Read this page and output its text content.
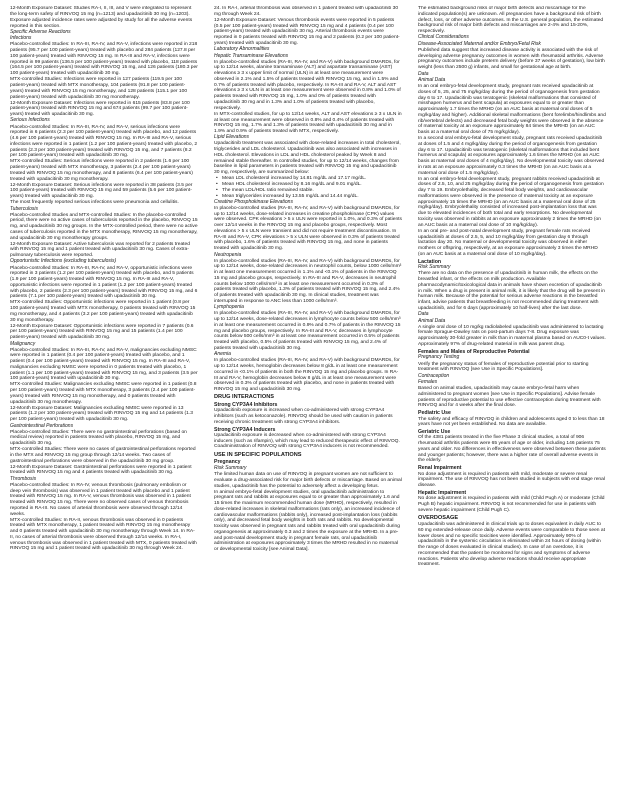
12-Month Exposure Dataset: Studies RA-I, II, III, and V were integrated to represent the long-term safety of RINVOQ 15 mg (n=1213) and upadacitinib 30 mg (n=1203).
Exposure adjusted incidence rates were adjusted by study for all the adverse events reported in this section.
Specific Adverse Reactions
Infections
Placebo-controlled Studies: In RA-III, RA-IV, and RA-V, infections were reported in 218 patients (95.7 per 100 patient-years) treated with placebo and 284 patients (127.8 per 100 patient-years) treated with RINVOQ 15 mg. In RA-III and RA-V, infections were reported in 99 patients (136.5 per 100 patient-years) treated with placebo, 118 patients (164.5 per 100 patient-years) treated with RINVOQ 15 mg, and 126 patients (180.3 per 100 patient-years) treated with upadacitinib 30 mg.
MTX-controlled Studies: Infections were reported in 127 patients (119.5 per 100 patient-years) treated with MTX monotherapy, 104 patients (91.8 per 100 patient-years) treated with RINVOQ 15 mg monotherapy, and 128 patients (115.1 per 100 patient-years) treated with upadacitinib 30 mg monotherapy.
12-Month Exposure Dataset: Infections were reported in 615 patients (83.8 per 100 patient-years) treated with RINVOQ 15 mg and 674 patients (99.7 per 100 patient-years) treated with upadacitinib 30 mg.
Serious Infections
Placebo-controlled Studies: In RA-III, RA-IV, and RA-V, serious infections were reported in 6 patients (2.3 per 100 patient-years) treated with placebo, and 12 patients (4.6 per 100 patient-years) treated with RINVOQ 15 mg. In RA-III and RA-V, serious infections were reported in 1 patient (1.2 per 100 patient-years) treated with placebo, 2 patients (2.3 per 100 patient-years) treated with RINVOQ 15 mg, and 7 patients (8.2 per 100 patient-years) treated with upadacitinib 30 mg.
MTX-controlled Studies: Serious infections were reported in 2 patients (1.6 per 100 patient-years) treated with MTX monotherapy, 3 patients (2.4 per 100 patient-years) treated with RINVOQ 15 mg monotherapy, and 8 patients (6.4 per 100 patient-years) treated with upadacitinib 30 mg monotherapy.
12-Month Exposure Dataset: Serious infections were reported in 38 patients (3.5 per 100 patient-years) treated with RINVOQ 15 mg and 59 patients (5.6 per 100 patient-years) treated with upadacitinib 30 mg.
The most frequently reported serious infections were pneumonia and cellulitis.
Tuberculosis
Placebo-controlled Studies and MTX-controlled Studies: In the placebo-controlled period, there were no active cases of tuberculosis reported in the placebo, RINVOQ 15 mg, and upadacitinib 30 mg groups. In the MTX-controlled period, there were no active cases of tuberculosis reported in the MTX monotherapy, RINVOQ 15 mg monotherapy, and upadacitinib 30 mg monotherapy groups.
12-Month Exposure Dataset: Active tuberculosis was reported for 2 patients treated with RINVOQ 15 mg and 1 patient treated with upadacitinib 30 mg. Cases of extra-pulmonary tuberculosis were reported.
Opportunistic Infections (excluding tuberculosis)
Placebo-controlled Studies: In RA-III, RA-IV, and RA-V, opportunistic infections were reported in 3 patients (1.2 per 100 patient-years) treated with placebo, and 5 patients (1.9 per 100 patient-years) treated with RINVOQ 15 mg. In RA-III and RA-V, opportunistic infections were reported in 1 patient (1.2 per 100 patient-years) treated with placebo, 2 patients (2.3 per 100 patient-years) treated with RINVOQ 15 mg, and 6 patients (7.1 per 100 patient-years) treated with upadacitinib 30 mg.
MTX-controlled Studies: Opportunistic infections were reported in 1 patient (0.8 per 100 patient-years) treated with MTX monotherapy, 0 patients treated with RINVOQ 15 mg monotherapy, and 4 patients (3.2 per 100 patient-years) treated with upadacitinib 30 mg monotherapy.
12-Month Exposure Dataset: Opportunistic infections were reported in 7 patients (0.6 per 100 patient-years) treated with RINVOQ 15 mg and 15 patients (1.4 per 100 patient-years) treated with upadacitinib 30 mg.
Malignancy
Placebo-controlled Studies: In RA-III, RA-IV, and RA-V, malignancies excluding NMSC were reported in 1 patient (0.4 per 100 patient-years) treated with placebo, and 1 patient (0.4 per 100 patient-years) treated with RINVOQ 15 mg. In RA-III and RA-V, malignancies excluding NMSC were reported in 0 patients treated with placebo, 1 patient (1.1 per 100 patient-years) treated with RINVOQ 15 mg, and 3 patients (3.5 per 100 patient-years) treated with upadacitinib 30 mg.
MTX-controlled Studies: Malignancies excluding NMSC were reported in 1 patient (0.8 per 100 patient-years) treated with MTX monotherapy, 3 patients (2.4 per 100 patient-years) treated with RINVOQ 15 mg monotherapy, and 0 patients treated with upadacitinib 30 mg monotherapy.
12-Month Exposure Dataset: Malignancies excluding NMSC were reported in 13 patients (1.2 per 100 patient-years) treated with RINVOQ 15 mg and 14 patients (1.3 per 100 patient-years) treated with upadacitinib 30 mg.
Gastrointestinal Perforations
Placebo-controlled Studies: There were no gastrointestinal perforations (based on medical review) reported in patients treated with placebo, RINVOQ 15 mg, and upadacitinib 30 mg.
MTX-controlled Studies: There were no cases of gastrointestinal perforations reported in the MTX and RINVOQ 15 mg group through 12/14 weeks. Two cases of gastrointestinal perforations were observed in the upadacitinib 30 mg group.
12-Month Exposure Dataset: Gastrointestinal perforations were reported in 1 patient treated with RINVOQ 15 mg and 4 patients treated with upadacitinib 30 mg.
Thrombosis
Placebo-controlled Studies: In RA-IV, venous thrombosis (pulmonary embolism or deep vein thrombosis) was observed in 1 patient treated with placebo and 1 patient treated with RINVOQ 15 mg. In RA-V, venous thrombosis was observed in 1 patient treated with RINVOQ 15 mg. There were no observed cases of venous thrombosis reported in RA-III. No cases of arterial thrombosis were observed through 12/14 weeks.
MTX-controlled Studies: In RA-II, venous thrombosis was observed in 0 patients treated with MTX monotherapy, 1 patient treated with RINVOQ 15 mg monotherapy and 0 patients treated with upadacitinib 30 mg monotherapy through Week 14. In RA-II, no cases of arterial thrombosis were observed through 12/14 weeks. In RA-I, venous thrombosis was observed in 1 patient treated with MTX, 0 patients treated with RINVOQ 15 mg and 1 patient treated with upadacitinib 30 mg through Week 24.
24. In RA-I, arterial thrombosis was observed in 1 patient treated with upadacitinib 30 mg through Week 24.
12-Month Exposure Dataset: Venous thrombosis events were reported in 5 patients (0.5 per 100 patient-years) treated with RINVOQ 15 mg and 4 patients (0.4 per 100 patient-years) treated with upadacitinib 30 mg. Arterial thrombosis events were reported in 0 patients treated with RINVOQ 15 mg and 2 patients (0.2 per 100 patient-years) treated with upadacitinib 30 mg.
Laboratory Abnormalities
Hepatic Transaminase Elevations
In placebo-controlled studies (RA-III, RA-IV, and RA-V) with background DMARDs, for up to 12/14 weeks, alanine transaminase (ALT) and aspartate transaminase (AST) elevations ≥ 3 x upper limit of normal (ULN) in at least one measurement were observed in 2.1% and 1.5% of patients treated with RINVOQ 15 mg, and in 1.5% and 0.7% of patients treated with placebo, respectively. In RA-III and RA-V, ALT and AST elevations ≥ 3 x ULN in at least one measurement were observed in 0.8% and 1.0% of patients treated with RINVOQ 15 mg, 1.0% and 0% of patients treated with upadacitinib 30 mg and in 1.3% and 1.0% of patients treated with placebo, respectively.
In MTX-controlled studies, for up to 12/14 weeks, ALT and AST elevations ≥ 3 x ULN in at least one measurement were observed in 0.8% and 0.4% of patients treated with RINVOQ 15 mg, 1.7% and 1.3% of patients treated with upadacitinib 30 mg and in 1.9% and 0.9% of patients treated with MTX, respectively.
Lipid Elevations
Upadacitinib treatment was associated with dose-related increases in total cholesterol, triglycerides and LDL cholesterol. Upadacitinib was also associated with increases in HDL cholesterol. Elevations in LDL and HDL cholesterol peaked by Week 8 and remained stable thereafter. In controlled studies, for up to 12/14 weeks, changes from baseline in lipid parameters in patients treated with RINVOQ 15 mg and upadacitinib 30 mg, respectively, are summarized below:
• Mean LDL cholesterol increased by 14.81 mg/dL and 17.17 mg/dL.
• Mean HDL cholesterol increased by 8.16 mg/dL and 9.01 mg/dL.
• The mean LDL/HDL ratio remained stable.
• Mean triglycerides increased by 13.55 mg/dL and 14.44 mg/dL.
Creatine Phosphokinase Elevations
In placebo-controlled studies (RA-III, RA-IV, and RA-V) with background DMARDs, for up to 12/14 weeks, dose-related increases in creatine phosphokinase (CPK) values were observed. CPK elevations > 5 x ULN were reported in 1.0%, and 0.3% of patients over 12/14 weeks in the RINVOQ 15 mg and placebo groups, respectively. Most elevations > 5 x ULN were transient and did not require treatment discontinuation. In RA-III and RA-V, CPK elevations > 5 x ULN were observed in 0.3% of patients treated with placebo, 1.6% of patients treated with RINVOQ 15 mg, and none in patients treated with upadacitinib 30 mg.
Neutropenia
In placebo-controlled studies (RA-III, RA-IV, and RA-V) with background DMARDs, for up to 12/14 weeks, dose-related decreases in neutrophil counts, below 1000 cells/mm³ in at least one measurement occurred in 1.1% and <0.1% of patients in the RINVOQ 15 mg and placebo groups, respectively. In RA-III and RA-V, decreases in neutrophil counts below 1000 cells/mm³ in at least one measurement occurred in 0.3% of patients treated with placebo, 1.3% of patients treated with RINVOQ 15 mg, and 2.4% of patients treated with upadacitinib 30 mg. In clinical studies, treatment was interrupted in response to ANC less than 1000 cells/mm³.
Lymphopenia
In placebo-controlled studies (RA-III, RA-IV, and RA-V) with background DMARDs, for up to 12/14 weeks, dose-related decreases in lymphocyte counts below 500 cells/mm³ in at least one measurement occurred in 0.9% and 0.7% of patients in the RINVOQ 15 mg and placebo groups, respectively. In RA-III and RA-V, decreases in lymphocyte counts below 500 cells/mm³ in at least one measurement occurred in 0.5% of patients treated with placebo, 0.5% of patients treated with RINVOQ 15 mg, and 2.4% of patients treated with upadacitinib 30 mg.
Anemia
In placebo-controlled studies (RA-III, RA-IV, and RA-V) with background DMARDs, for up to 12/14 weeks, hemoglobin decreases below 8 g/dL in at least one measurement occurred in <0.1% of patients in both the RINVOQ 15 mg and placebo groups. In RA-III and RA-V, hemoglobin decreases below 8 g/dL in at least one measurement were observed in 0.3% of patients treated with placebo, and none in patients treated with RINVOQ 15 mg and upadacitinib 30 mg.
DRUG INTERACTIONS
Strong CYP3A4 Inhibitors
Upadacitinib exposure is increased when co-administered with strong CYP3A4 inhibitors (such as ketoconazole). RINVOQ should be used with caution in patients receiving chronic treatment with strong CYP3A4 inhibitors.
Strong CYP3A4 Inducers
Upadacitinib exposure is decreased when co-administered with strong CYP3A4 inducers (such as rifampin), which may lead to reduced therapeutic effect of RINVOQ. Coadministration of RINVOQ with strong CYP3A4 inducers is not recommended.
USE IN SPECIFIC POPULATIONS
Pregnancy
Risk Summary
The limited human data on use of RINVOQ in pregnant women are not sufficient to evaluate a drug-associated risk for major birth defects or miscarriage. Based on animal studies, upadacitinib has the potential to adversely affect a developing fetus.
In animal embryo-fetal development studies, oral upadacitinib administration to pregnant rats and rabbits at exposures equal to or greater than approximately 1.6 and 15 times the maximum recommended human dose (MRHD), respectively, resulted in dose-related increases in skeletal malformations (rats only), an increased incidence of cardiovascular malformations (rabbits only), increased post-implantation loss (rabbits only), and decreased fetal body weights in both rats and rabbits. No developmental toxicity was observed in pregnant rats and rabbits treated with oral upadacitinib during organogenesis at approximately 0.3 and 2 times the exposure at the MRHD. In a pre- and post-natal development study in pregnant female rats, oral upadacitinib administration at exposures approximately 3 times the MRHD resulted in no maternal or developmental toxicity [see Animal Data].
The estimated background risks of major birth defects and miscarriage for the indicated population(s) are unknown. All pregnancies have a background risk of birth defect, loss, or other adverse outcomes. In the U.S. general population, the estimated background risk of major birth defects and miscarriages are 2-4% and 15-20%, respectively.
Clinical Considerations
Disease-Associated Maternal and/or Embryo/Fetal Risk
Published data suggest that increased disease activity is associated with the risk of developing adverse pregnancy outcomes in women with rheumatoid arthritis. Adverse pregnancy outcomes include preterm delivery (before 37 weeks of gestation), low birth weight (less than 2500 g) infants, and small for gestational age at birth.
Data
Animal Data
In an oral embryo-fetal development study, pregnant rats received upadacitinib at doses of 5, 25, and 75 mg/kg/day during the period of organogenesis from gestation day 6 to 17. Upadacitinib was teratogenic (skeletal malformations that consisted of misshapen humerus and bent scapula) at exposures equal to or greater than approximately 1.7 times the MRHD (on an AUC basis at maternal oral doses of 5 mg/kg/day and higher). Additional skeletal malformations (bent forelimbs/hindlimbs and rib/vertebral defects) and decreased fetal body weights were observed in the absence of maternal toxicity at an exposure approximately 84 times the MRHD (on an AUC basis at a maternal oral dose of 75 mg/kg/day).
In a second oral embryo-fetal development study, pregnant rats received upadacitinib at doses of 1.5 and 4 mg/kg/day during the period of organogenesis from gestation day 6 to 17. Upadacitinib was teratogenic (skeletal malformations that included bent humerus and scapula) at exposures approximately 1.6 times the MRHD (on an AUC basis at maternal oral doses of 4 mg/kg/day). No developmental toxicity was observed in rats at an exposure approximately 0.3 times the MRHD (on an AUC basis at a maternal oral dose of 1.5 mg/kg/day).
In an oral embryo-fetal development study, pregnant rabbits received upadacitinib at doses of 2.5, 10, and 25 mg/kg/day during the period of organogenesis from gestation day 7 to 19. Embryolethality, decreased fetal body weights, and cardiovascular malformations were observed in the presence of maternal toxicity at an exposure approximately 15 times the MRHD (on an AUC basis at a maternal oral dose of 25 mg/kg/day). Embryolethality consisted of increased post-implantation loss that was due to elevated incidences of both total and early resorptions. No developmental toxicity was observed in rabbits at an exposure approximately 2 times the MRHD (on an AUC basis at a maternal oral dose of 10 mg/kg/day).
In an oral pre- and post-natal development study, pregnant female rats received upadacitinib at doses of 2.5, 5, and 10 mg/kg/day from gestation day 6 through lactation day 20. No maternal or developmental toxicity was observed in either mothers or offspring, respectively, at an exposure approximately 3 times the MRHD (on an AUC basis at a maternal oral dose of 10 mg/kg/day).
Lactation
Risk Summary
There are no data on the presence of upadacitinib in human milk, the effects on the breastfed infant, or the effects on milk production. Available pharmacodynamic/toxicological data in animals have shown excretion of upadacitinib in milk. When a drug is present in animal milk, it is likely that the drug will be present in human milk. Because of the potential for serious adverse reactions in the breastfed infant, advise patients that breastfeeding is not recommended during treatment with upadacitinib, and for 6 days (approximately 10 half-lives) after the last dose.
Data
Animal Data
A single oral dose of 10 mg/kg radiolabeled upadacitinib was administered to lactating female Sprague-Dawley rats on post-partum days 7-8. Drug exposure was approximately 30-fold greater in milk than in maternal plasma based on AUC0-t values. Approximately 97% of drug-related material in milk was parent drug.
Females and Males of Reproductive Potential
Pregnancy Testing
Verify the pregnancy status of females of reproductive potential prior to starting treatment with RINVOQ [see Use in Specific Populations].
Contraception
Females
Based on animal studies, upadacitinib may cause embryo-fetal harm when administered to pregnant women [see Use in Specific Populations]. Advise female patients of reproductive potential to use effective contraception during treatment with RINVOQ and for 4 weeks after the final dose.
Pediatric Use
The safety and efficacy of RINVOQ in children and adolescents aged 0 to less than 18 years have not yet been established. No data are available.
Geriatric Use
Of the 4381 patients treated in the five Phase 3 clinical studies, a total of 906 rheumatoid arthritis patients were 65 years of age or older, including 146 patients 75 years and older. No differences in effectiveness were observed between these patients and younger patients; however, there was a higher rate of overall adverse events in the elderly.
Renal Impairment
No dose adjustment is required in patients with mild, moderate or severe renal impairment. The use of RINVOQ has not been studied in subjects with end stage renal disease.
Hepatic Impairment
No dose adjustment is required in patients with mild (Child Pugh A) or moderate (Child Pugh B) hepatic impairment. RINVOQ is not recommended for use in patients with severe hepatic impairment (Child Pugh C).
OVERDOSAGE
Upadacitinib was administered in clinical trials up to doses equivalent in daily AUC to 60 mg extended-release once daily. Adverse events were comparable to those seen at lower doses and no specific toxicities were identified. Approximately 90% of upadacitinib in the systemic circulation is eliminated within 24 hours of dosing (within the range of doses evaluated in clinical studies). In case of an overdose, it is recommended that the patient be monitored for signs and symptoms of adverse reactions. Patients who develop adverse reactions should receive appropriate treatment.
